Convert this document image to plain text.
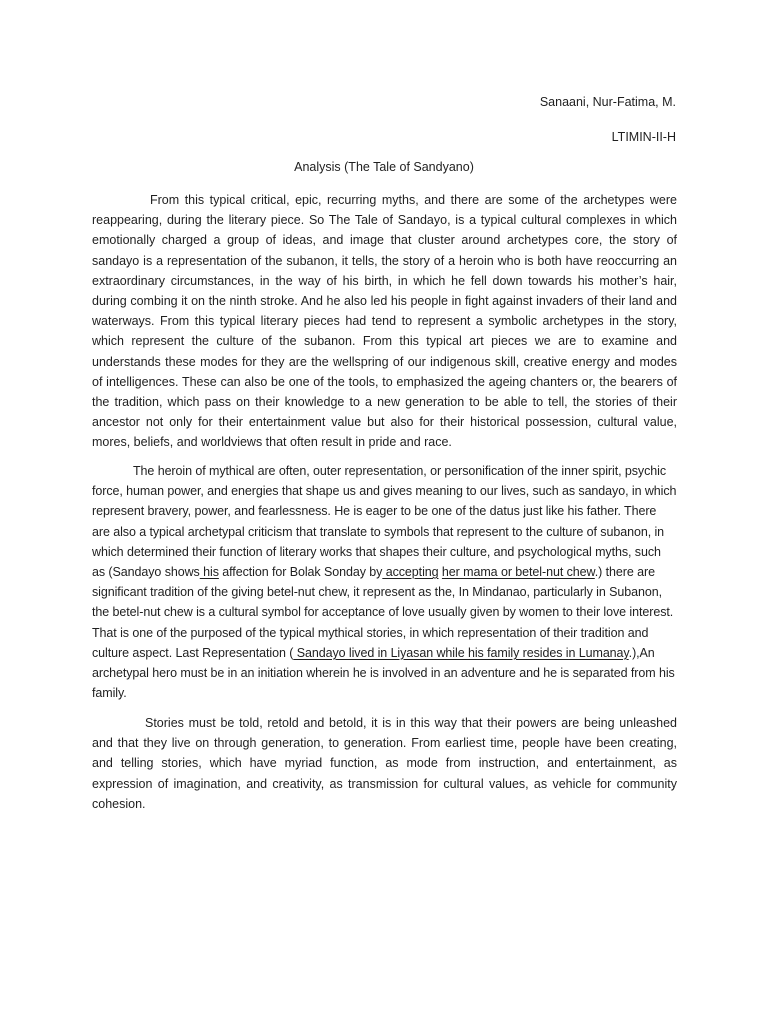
Sanaani, Nur-Fatima, M.
LTIMIN-II-H
Analysis (The Tale of Sandyano)

From this typical critical, epic, recurring myths, and there are some of the archetypes were reappearing, during the literary piece. So The Tale of Sandayo, is a typical cultural complexes in which emotionally charged a group of ideas, and image that cluster around archetypes core, the story of sandayo is a representation of the subanon, it tells, the story of a heroin who is both have reoccurring an extraordinary circumstances, in the way of his birth, in which he fell down towards his mother’s hair, during combing it on the ninth stroke. And he also led his people in fight against invaders of their land and waterways. From this typical literary pieces had tend to represent a symbolic archetypes in the story, which represent the culture of the subanon. From this typical art pieces we are to examine and understands these modes for they are the wellspring of our indigenous skill, creative energy and modes of intelligences. These can also be one of the tools, to emphasized the ageing chanters or, the bearers of the tradition, which pass on their knowledge to a new generation to be able to tell, the stories of their ancestor not only for their entertainment value but also for their historical possession, cultural value, mores, beliefs, and worldviews that often result in pride and race.

The heroin of mythical are often, outer representation, or personification of the inner spirit, psychic force, human power, and energies that shape us and gives meaning to our lives, such as sandayo, in which represent bravery, power, and fearlessness. He is eager to be one of the datus just like his father. There are also a typical archetypal criticism that translate to symbols that represent to the culture of subanon, in which determined their function of literary works that shapes their culture, and psychological myths, such as (Sandayo shows his affection for Bolak Sonday by accepting her mama or betel-nut chew.) there are significant tradition of the giving betel-nut chew, it represent as the, In Mindanao, particularly in Subanon, the betel-nut chew is a cultural symbol for acceptance of love usually given by women to their love interest. That is one of the purposed of the typical mythical stories, in which representation of their tradition and culture aspect. Last Representation ( Sandayo lived in Liyasan while his family resides in Lumanay.),An archetypal hero must be in an initiation wherein he is involved in an adventure and he is separated from his family.

Stories must be told, retold and betold, it is in this way that their powers are being unleashed and that they live on through generation, to generation. From earliest time, people have been creating, and telling stories, which have myriad function, as mode from instruction, and entertainment, as expression of imagination, and creativity, as transmission for cultural values, as vehicle for community cohesion.
